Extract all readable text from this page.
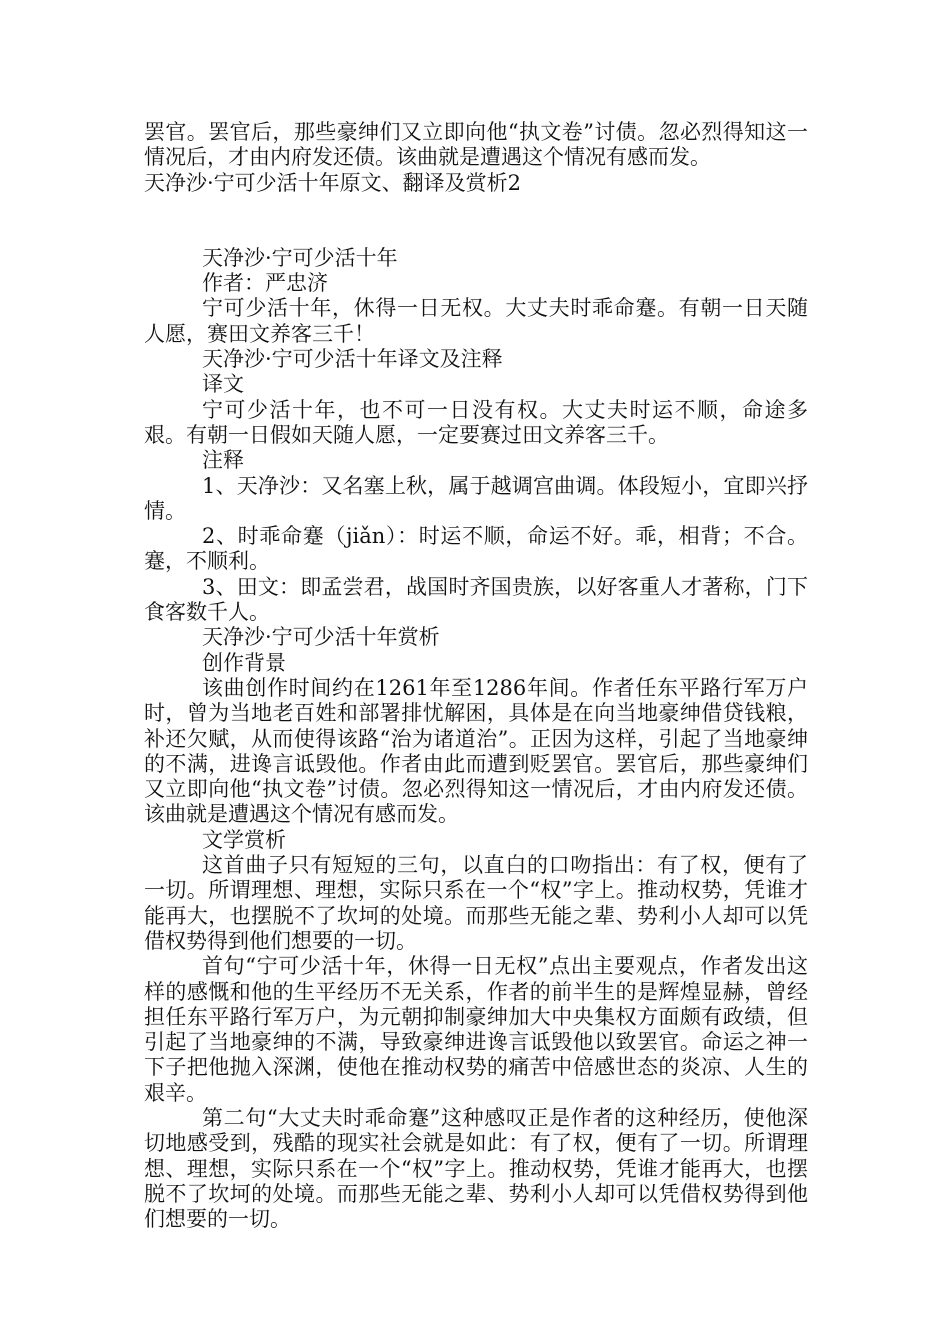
罢官。罢官后，那些豪绅们又立即向他“执文卷”讨债。忽必烈得知这一情况后，才由内府发还债。该曲就是遭遇这个情况有感而发。

天净沙·宁可少活十年原文、翻译及赏析2

天净沙·宁可少活十年

作者：严忠济

宁可少活十年，休得一日无权。大丈夫时乖命蹇。有朝一日天随人愿，赛田文养客三千！

天净沙·宁可少活十年译文及注释

译文

宁可少活十年，也不可一日没有权。大丈夫时运不顺，命途多艰。有朝一日假如天随人愿，一定要赛过田文养客三千。

注释

1、天净沙：又名塞上秋，属于越调宫曲调。体段短小，宜即兴抒情。

2、时乖命蹇（jiǎn）：时运不顺，命运不好。乖，相背；不合。蹇，不顺利。

3、田文：即孟尝君，战国时齐国贵族，以好客重人才著称，门下食客数千人。

天净沙·宁可少活十年赏析

创作背景

该曲创作时间约在1261年至1286年间。作者任东平路行军万户时，曾为当地老百姓和部署排忧解困，具体是在向当地豪绅借贷钱粮，补还欠赋，从而使得该路“治为诸道治”。正因为这样，引起了当地豪绅的不满，进谗言诋毁他。作者由此而遭到贬罢官。罢官后，那些豪绅们又立即向他“执文卷”讨债。忽必烈得知这一情况后，才由内府发还债。该曲就是遭遇这个情况有感而发。

文学赏析

这首曲子只有短短的三句，以直白的口吻指出：有了权，便有了一切。所谓理想、理想，实际只系在一个“权”字上。推动权势，凭谁才能再大，也摆脱不了坎坷的处境。而那些无能之辈、势利小人却可以凭借权势得到他们想要的一切。

首句“宁可少活十年，休得一日无权”点出主要观点，作者发出这样的感慨和他的生平经历不无关系，作者的前半生的是辉煌显赫，曾经担任东平路行军万户，为元朝抑制豪绅加大中央集权方面颇有政绩，但引起了当地豪绅的不满，导致豪绅进谗言诋毁他以致罢官。命运之神一下子把他抛入深渊，使他在推动权势的痛苦中倍感世态的炎凉、人生的艰辛。

第二句“大丈夫时乖命蹇”这种感叹正是作者的这种经历，使他深切地感受到，残酷的现实社会就是如此：有了权，便有了一切。所谓理想、理想，实际只系在一个“权”字上。推动权势，凭谁才能再大，也摆脱不了坎坷的处境。而那些无能之辈、势利小人却可以凭借权势得到他们想要的一切。
